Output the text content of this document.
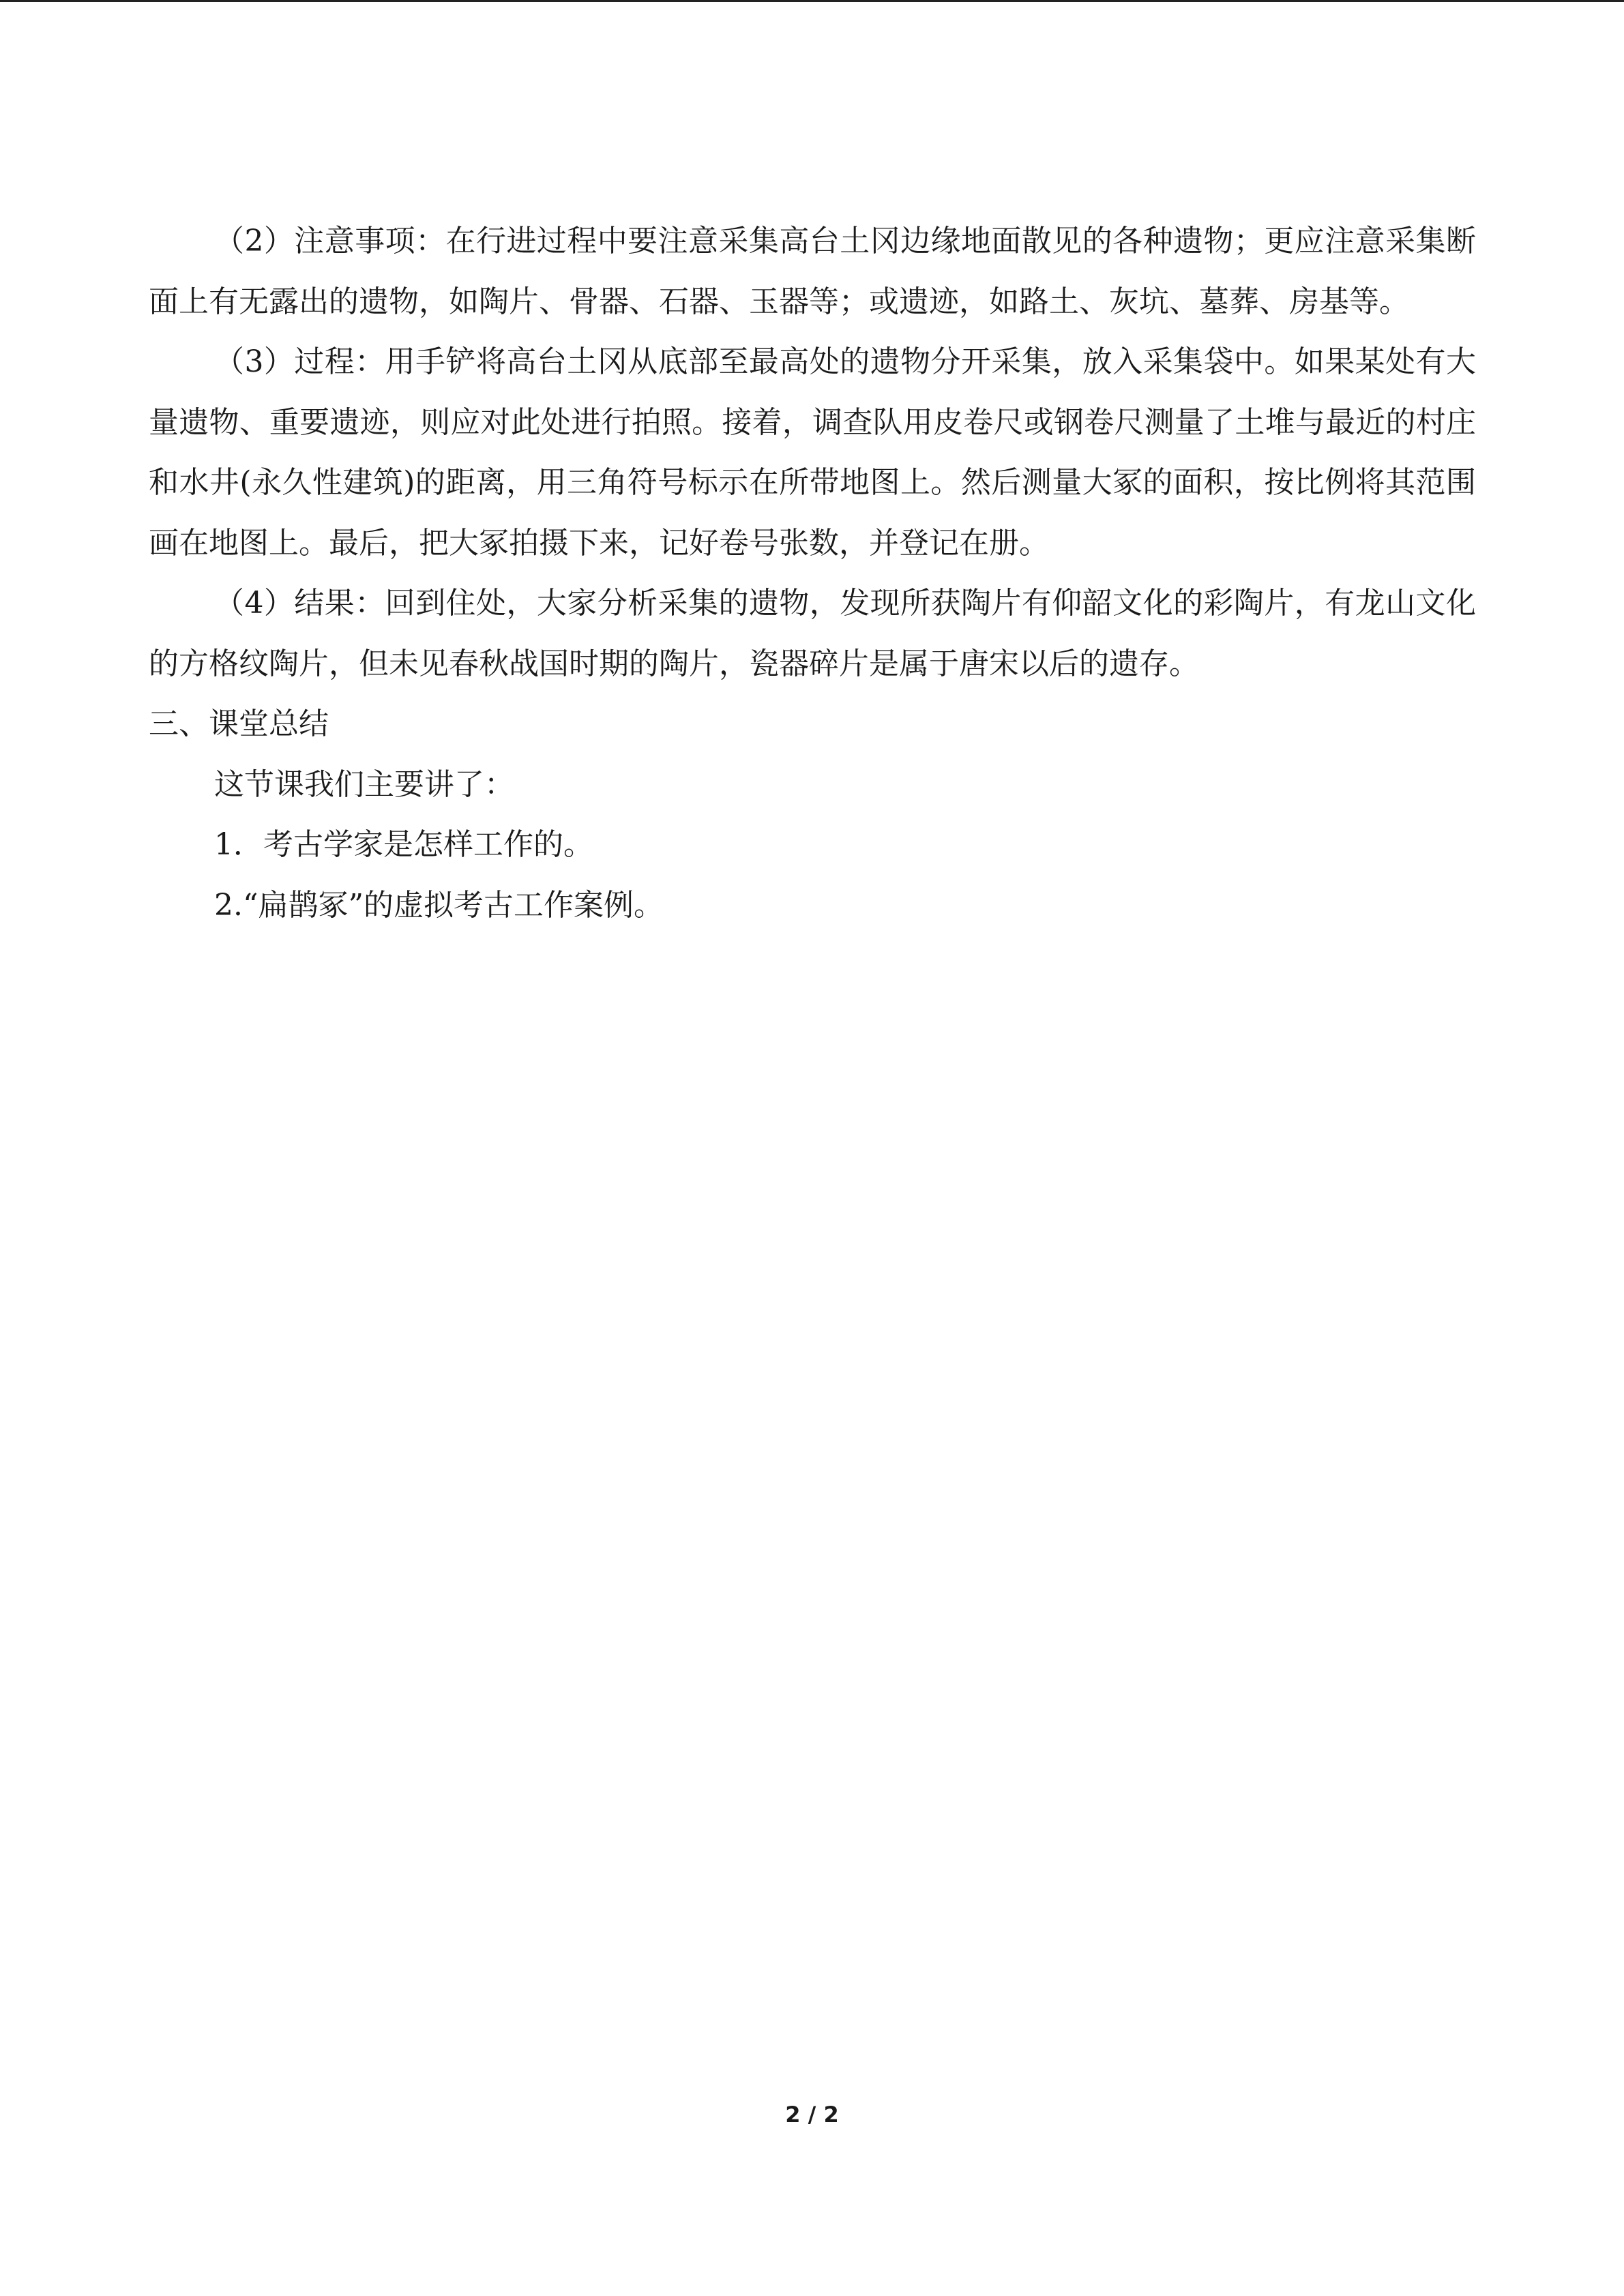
（2）注意事项：在行进过程中要注意采集高台土冈边缘地面散见的各种遗物；更应注意采集断面上有无露出的遗物，如陶片、骨器、石器、玉器等；或遗迹，如路土、灰坑、墓葬、房基等。

（3）过程：用手铲将高台土冈从底部至最高处的遗物分开采集，放入采集袋中。如果某处有大量遗物、重要遗迹，则应对此处进行拍照。接着，调查队用皮卷尺或钢卷尺测量了土堆与最近的村庄和水井(永久性建筑)的距离，用三角符号标示在所带地图上。然后测量大冢的面积，按比例将其范围画在地图上。最后，把大冢拍摄下来，记好卷号张数，并登记在册。

（4）结果：回到住处，大家分析采集的遗物，发现所获陶片有仰韶文化的彩陶片，有龙山文化的方格纹陶片，但未见春秋战国时期的陶片，瓷器碎片是属于唐宋以后的遗存。

三、课堂总结

这节课我们主要讲了：

1．考古学家是怎样工作的。

2.“扁鹊冢”的虚拟考古工作案例。

2 / 2
